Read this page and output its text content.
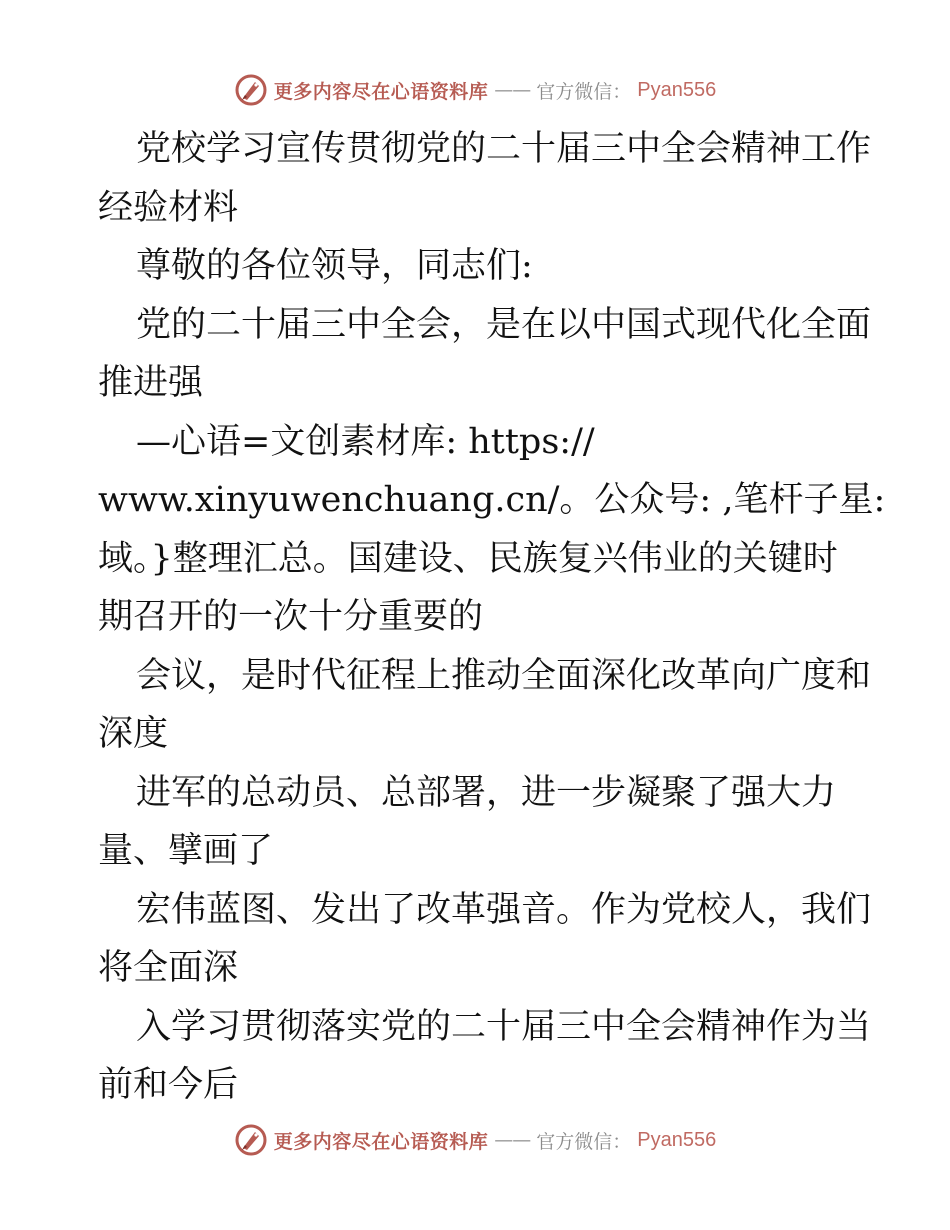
更多内容尽在心语资料库 —— 官方微信： Pyan556
党校学习宣传贯彻党的二十届三中全会精神工作
经验材料
尊敬的各位领导，同志们:
党的二十届三中全会，是在以中国式现代化全面
推进强
—心语=文创素材库: https://
www.xinyuwenchuang.cn/。公众号: ,笔杆子星:
域。}整理汇总。国建设、民族复兴伟业的关键时
期召开的一次十分重要的
会议，是时代征程上推动全面深化改革向广度和
深度
进军的总动员、总部署，进一步凝聚了强大力
量、擘画了
宏伟蓝图、发出了改革强音。作为党校人，我们
将全面深
入学习贯彻落实党的二十届三中全会精神作为当
前和今后
更多内容尽在心语资料库 —— 官方微信： Pyan556
